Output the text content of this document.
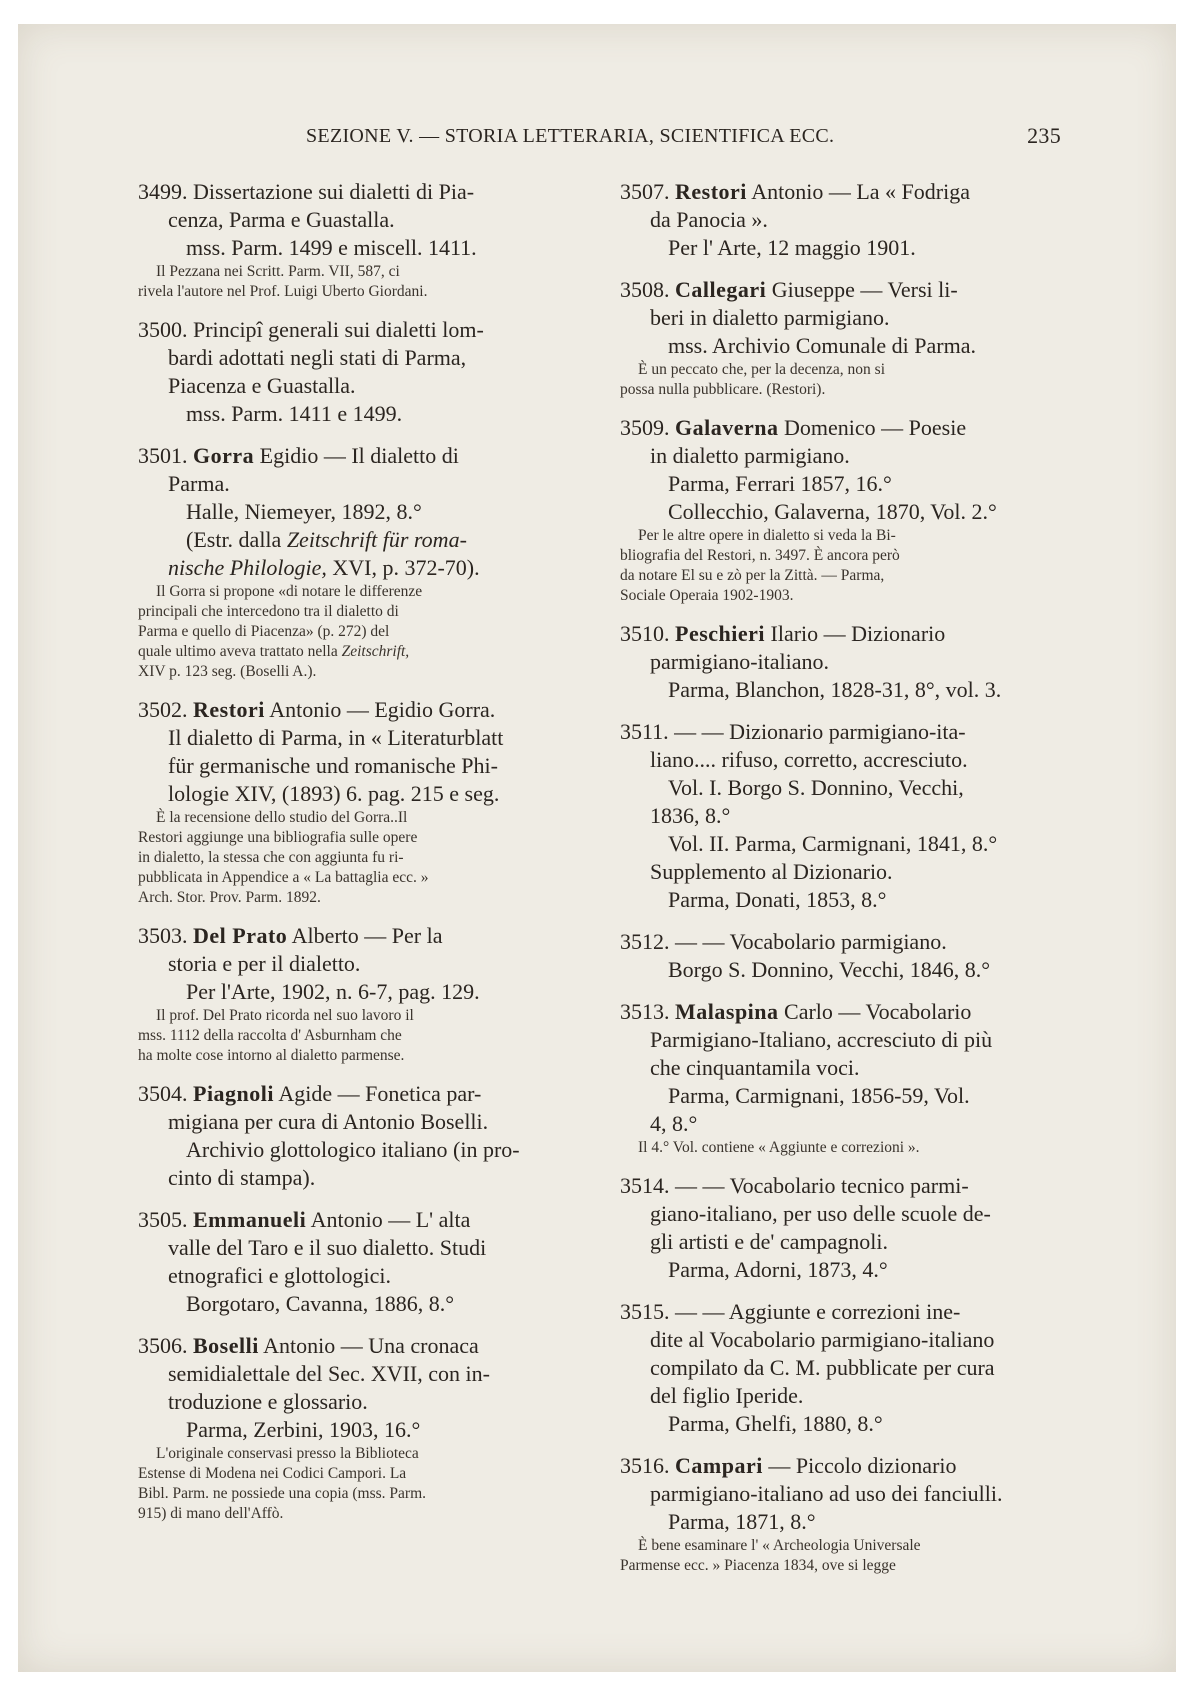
SEZIONE V. — STORIA LETTERARIA, SCIENTIFICA ECC.	235
3499. Dissertazione sui dialetti di Pia-
cenza, Parma e Guastalla.
mss. Parm. 1499 e miscell. 1411.
Il Pezzana nei Scritt. Parm. VII, 587, ci
rivela l'autore nel Prof. Luigi Uberto Giordani.
3500. Principî generali sui dialetti lom-
bardi adottati negli stati di Parma,
Piacenza e Guastalla.
mss. Parm. 1411 e 1499.
3501. Gorra Egidio — Il dialetto di
Parma.
Halle, Niemeyer, 1892, 8.°
(Estr. dalla Zeitschrift für roma-
nische Philologie, XVI, p. 372-70).
Il Gorra si propone «di notare le differenze
principali che intercedono tra il dialetto di
Parma e quello di Piacenza» (p. 272) del
quale ultimo aveva trattato nella Zeitschrift,
XIV p. 123 seg. (Boselli A.).
3502. Restori Antonio — Egidio Gorra.
Il dialetto di Parma, in « Literaturblatt
für germanische und romanische Phi-
lologie XIV, (1893) 6. pag. 215 e seg.
È la recensione dello studio del Gorra..Il
Restori aggiunge una bibliografia sulle opere
in dialetto, la stessa che con aggiunta fu ri-
pubblicata in Appendice a « La battaglia ecc. »
Arch. Stor. Prov. Parm. 1892.
3503. Del Prato Alberto — Per la
storia e per il dialetto.
Per l'Arte, 1902, n. 6-7, pag. 129.
Il prof. Del Prato ricorda nel suo lavoro il
mss. 1112 della raccolta d' Asburnham che
ha molte cose intorno al dialetto parmense.
3504. Piagnoli Agide — Fonetica par-
migiana per cura di Antonio Boselli.
Archivio glottologico italiano (in pro-
cinto di stampa).
3505. Emmanueli Antonio — L' alta
valle del Taro e il suo dialetto. Studi
etnografici e glottologici.
Borgotaro, Cavanna, 1886, 8.°
3506. Boselli Antonio — Una cronaca
semidialettale del Sec. XVII, con in-
troduzione e glossario.
Parma, Zerbini, 1903, 16.°
L'originale conservasi presso la Biblioteca
Estense di Modena nei Codici Campori. La
Bibl. Parm. ne possiede una copia (mss. Parm.
915) di mano dell'Affò.
3507. Restori Antonio — La « Fodriga
da Panocia ».
Per l' Arte, 12 maggio 1901.
3508. Callegari Giuseppe — Versi li-
beri in dialetto parmigiano.
mss. Archivio Comunale di Parma.
È un peccato che, per la decenza, non si
possa nulla pubblicare. (Restori).
3509. Galaverna Domenico — Poesie
in dialetto parmigiano.
Parma, Ferrari 1857, 16.°
Collecchio, Galaverna, 1870, Vol. 2.°
Per le altre opere in dialetto si veda la Bi-
bliografia del Restori, n. 3497. È ancora però
da notare El su e zò per la Zittà. — Parma,
Sociale Operaia 1902-1903.
3510. Peschieri Ilario — Dizionario
parmigiano-italiano.
Parma, Blanchon, 1828-31, 8°, vol. 3.
3511. — — Dizionario parmigiano-ita-
liano.... rifuso, corretto, accresciuto.
Vol. I. Borgo S. Donnino, Vecchi,
1836, 8.°
Vol. II. Parma, Carmignani, 1841, 8.°
Supplemento al Dizionario.
Parma, Donati, 1853, 8.°
3512. — — Vocabolario parmigiano.
Borgo S. Donnino, Vecchi, 1846, 8.°
3513. Malaspina Carlo — Vocabolario
Parmigiano-Italiano, accresciuto di più
che cinquantamila voci.
Parma, Carmignani, 1856-59, Vol.
4, 8.°
Il 4.° Vol. contiene « Aggiunte e correzioni ».
3514. — — Vocabolario tecnico parmi-
giano-italiano, per uso delle scuole de-
gli artisti e de' campagnoli.
Parma, Adorni, 1873, 4.°
3515. — — Aggiunte e correzioni ine-
dite al Vocabolario parmigiano-italiano
compilato da C. M. pubblicate per cura
del figlio Iperide.
Parma, Ghelfi, 1880, 8.°
3516. Campari — Piccolo dizionario
parmigiano-italiano ad uso dei fanciulli.
Parma, 1871, 8.°
È bene esaminare l' « Archeologia Universale
Parmense ecc. » Piacenza 1834, ove si legge
